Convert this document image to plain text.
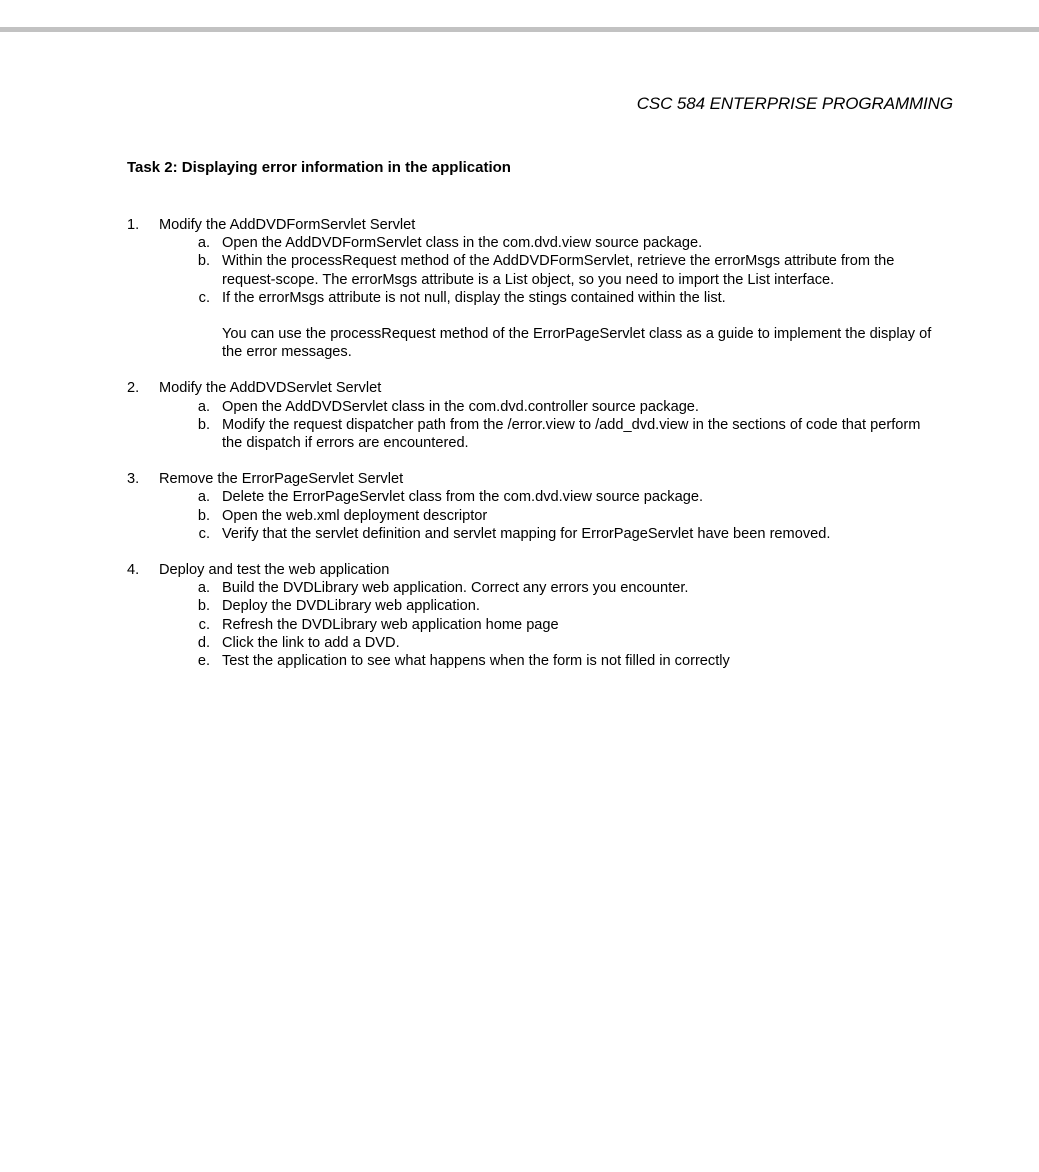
CSC 584 ENTERPRISE PROGRAMMING
Task 2: Displaying error information in the application
1. Modify the AddDVDFormServlet Servlet
a. Open the AddDVDFormServlet class in the com.dvd.view source package.
b. Within the processRequest method of the AddDVDFormServlet, retrieve the errorMsgs attribute from the request-scope. The errorMsgs attribute is a List object, so you need to import the List interface.
c. If the errorMsgs attribute is not null, display the stings contained within the list.
You can use the processRequest method of the ErrorPageServlet class as a guide to implement the display of the error messages.
2. Modify the AddDVDServlet Servlet
a. Open the AddDVDServlet class in the com.dvd.controller source package.
b. Modify the request dispatcher path from the /error.view to /add_dvd.view in the sections of code that perform the dispatch if errors are encountered.
3. Remove the ErrorPageServlet Servlet
a. Delete the ErrorPageServlet class from the com.dvd.view source package.
b. Open the web.xml deployment descriptor
c. Verify that the servlet definition and servlet mapping for ErrorPageServlet have been removed.
4. Deploy and test the web application
a. Build the DVDLibrary web application. Correct any errors you encounter.
b. Deploy the DVDLibrary web application.
c. Refresh the DVDLibrary web application home page
d. Click the link to add a DVD.
e. Test the application to see what happens when the form is not filled in correctly
